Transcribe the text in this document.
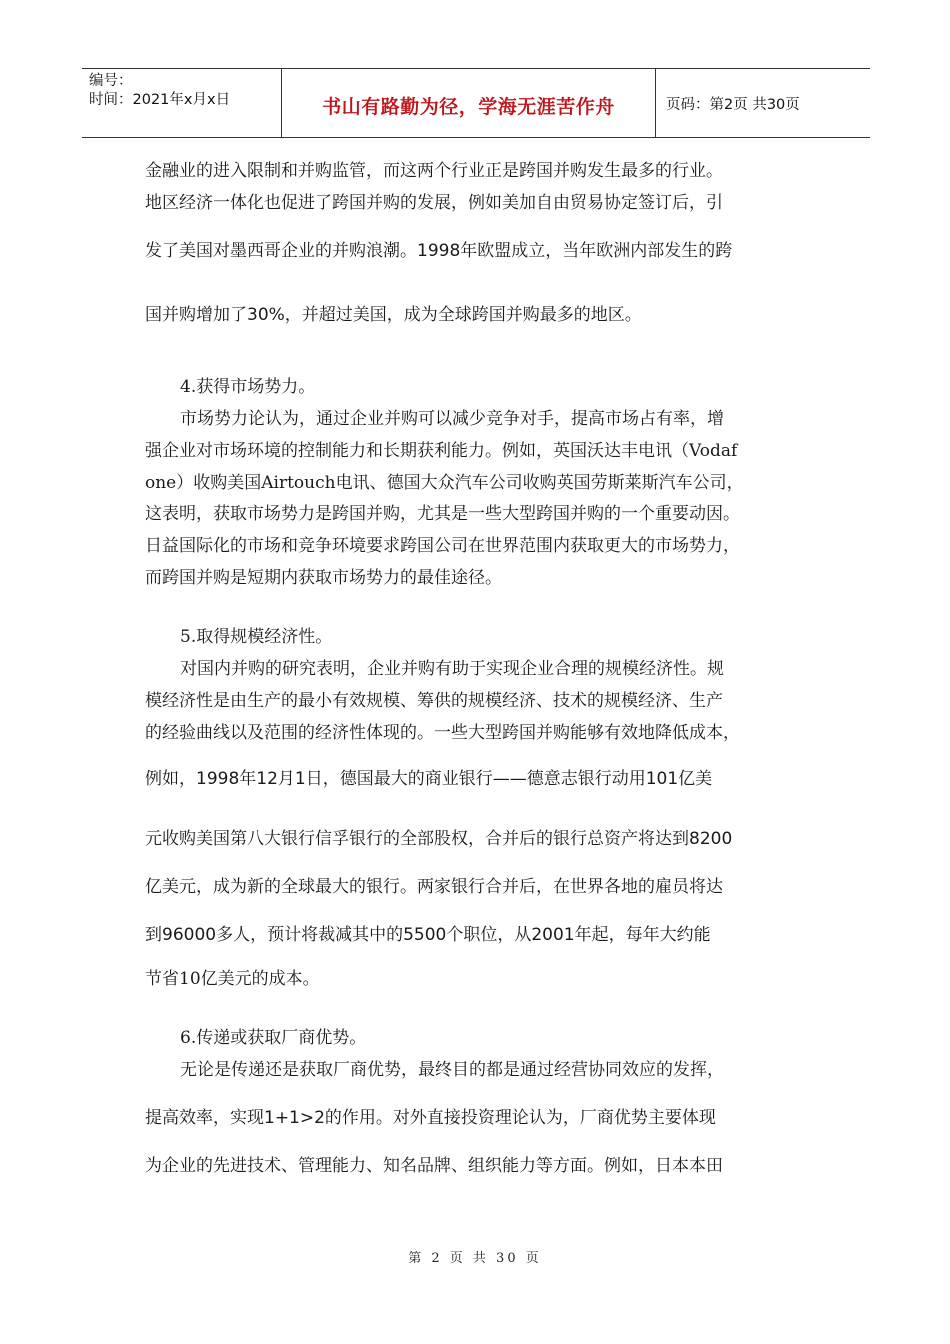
编号：
时间：2021年x月x日	书山有路勤为径，学海无涯苦作舟	页码：第2页 共30页
金融业的进入限制和并购监管，而这两个行业正是跨国并购发生最多的行业。
地区经济一体化也促进了跨国并购的发展，例如美加自由贸易协定签订后，引
发了美国对墨西哥企业的并购浪潮。1998年欧盟成立，当年欧洲内部发生的跨
国并购增加了30%，并超过美国，成为全球跨国并购最多的地区。
4.获得市场势力。
市场势力论认为，通过企业并购可以减少竞争对手，提高市场占有率，增
强企业对市场环境的控制能力和长期获利能力。例如，英国沃达丰电讯（Vodaf
one）收购美国Airtouch电讯、德国大众汽车公司收购英国劳斯莱斯汽车公司，
这表明，获取市场势力是跨国并购，尤其是一些大型跨国并购的一个重要动因。
日益国际化的市场和竞争环境要求跨国公司在世界范围内获取更大的市场势力，
而跨国并购是短期内获取市场势力的最佳途径。
5.取得规模经济性。
对国内并购的研究表明，企业并购有助于实现企业合理的规模经济性。规
模经济性是由生产的最小有效规模、筹供的规模经济、技术的规模经济、生产
的经验曲线以及范围的经济性体现的。一些大型跨国并购能够有效地降低成本，
例如，1998年12月1日，德国最大的商业银行——德意志银行动用101亿美
元收购美国第八大银行信孚银行的全部股权，合并后的银行总资产将达到8200
亿美元，成为新的全球最大的银行。两家银行合并后，在世界各地的雇员将达
到96000多人，预计将裁减其中的5500个职位，从2001年起，每年大约能
节省10亿美元的成本。
6.传递或获取厂商优势。
无论是传递还是获取厂商优势，最终目的都是通过经营协同效应的发挥，
提高效率，实现1+1>2的作用。对外直接投资理论认为，厂商优势主要体现
为企业的先进技术、管理能力、知名品牌、组织能力等方面。例如，日本本田
第 2 页 共 30 页
